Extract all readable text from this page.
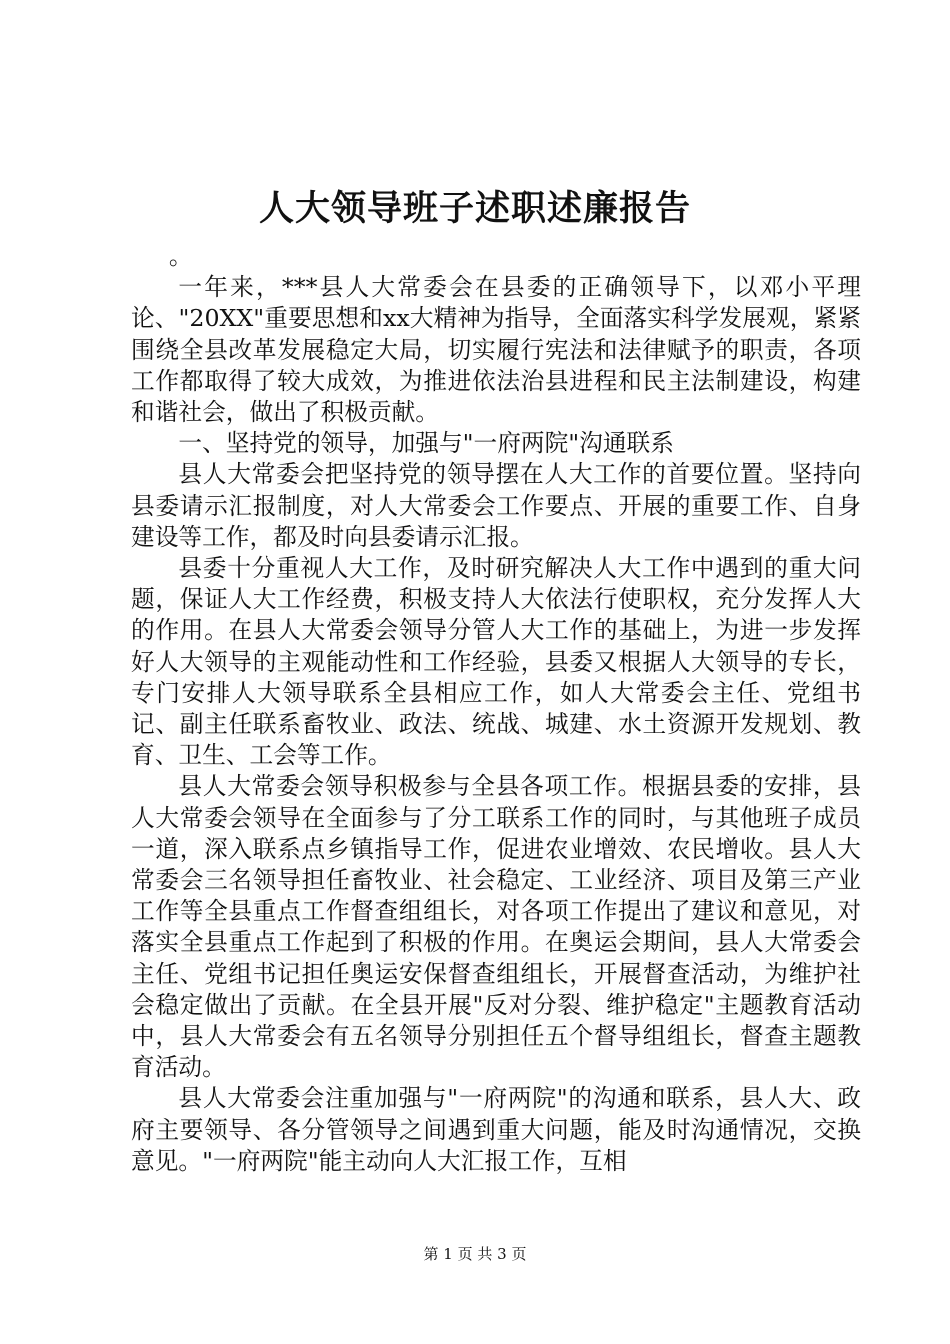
人大领导班子述职述廉报告

。

一年来，***县人大常委会在县委的正确领导下，以邓小平理论、"20XX"重要思想和xx大精神为指导，全面落实科学发展观，紧紧围绕全县改革发展稳定大局，切实履行宪法和法律赋予的职责，各项工作都取得了较大成效，为推进依法治县进程和民主法制建设，构建和谐社会，做出了积极贡献。

一、坚持党的领导，加强与"一府两院"沟通联系

县人大常委会把坚持党的领导摆在人大工作的首要位置。坚持向县委请示汇报制度，对人大常委会工作要点、开展的重要工作、自身建设等工作，都及时向县委请示汇报。

县委十分重视人大工作，及时研究解决人大工作中遇到的重大问题，保证人大工作经费，积极支持人大依法行使职权，充分发挥人大的作用。在县人大常委会领导分管人大工作的基础上，为进一步发挥好人大领导的主观能动性和工作经验，县委又根据人大领导的专长，专门安排人大领导联系全县相应工作，如人大常委会主任、党组书记、副主任联系畜牧业、政法、统战、城建、水土资源开发规划、教育、卫生、工会等工作。

县人大常委会领导积极参与全县各项工作。根据县委的安排，县人大常委会领导在全面参与了分工联系工作的同时，与其他班子成员一道，深入联系点乡镇指导工作，促进农业增效、农民增收。县人大常委会三名领导担任畜牧业、社会稳定、工业经济、项目及第三产业工作等全县重点工作督查组组长，对各项工作提出了建议和意见，对落实全县重点工作起到了积极的作用。在奥运会期间，县人大常委会主任、党组书记担任奥运安保督查组组长，开展督查活动，为维护社会稳定做出了贡献。在全县开展"反对分裂、维护稳定"主题教育活动中，县人大常委会有五名领导分别担任五个督导组组长，督查主题教育活动。

县人大常委会注重加强与"一府两院"的沟通和联系，县人大、政府主要领导、各分管领导之间遇到重大问题，能及时沟通情况，交换意见。"一府两院"能主动向人大汇报工作，互相

第 1 页 共 3 页
